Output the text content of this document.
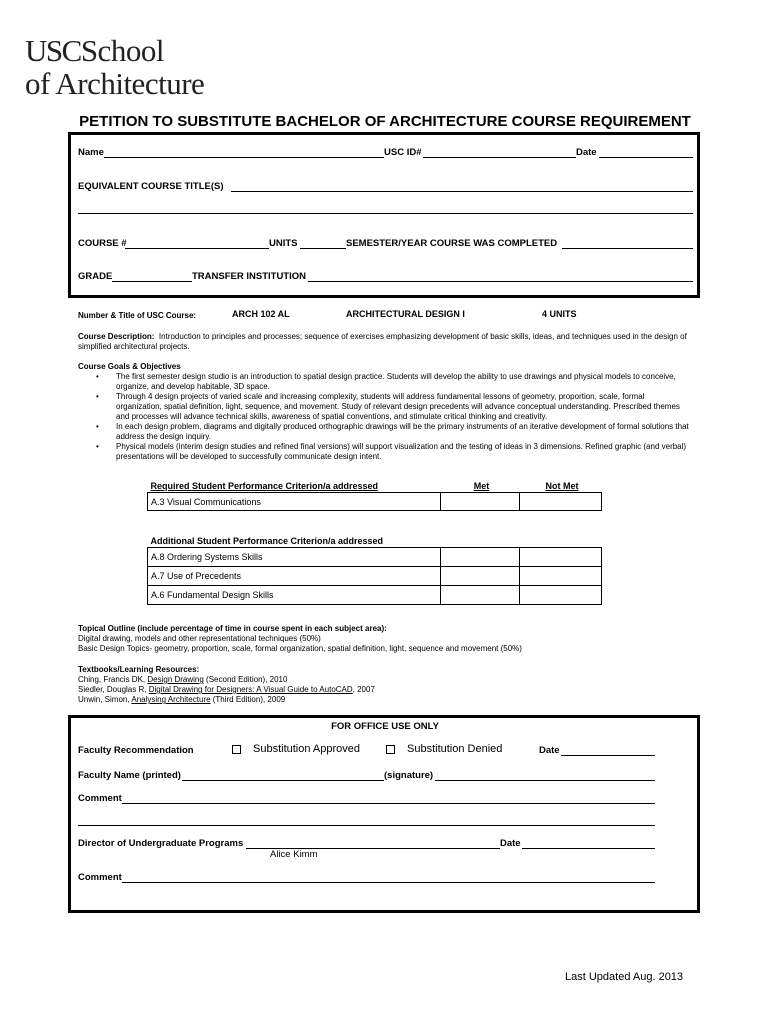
USCSchool
of Architecture
PETITION TO SUBSTITUTE BACHELOR OF ARCHITECTURE COURSE REQUIREMENT
Name	USC ID#	Date
EQUIVALENT COURSE TITLE(S)
COURSE #	UNITS	SEMESTER/YEAR COURSE WAS COMPLETED
GRADE	TRANSFER INSTITUTION
Number & Title of USC Course:	ARCH 102 AL	ARCHITECTURAL DESIGN I	4 UNITS
Course Description: Introduction to principles and processes; sequence of exercises emphasizing development of basic skills, ideas, and techniques used in the design of simplified architectural projects.
Course Goals & Objectives
• The first semester design studio is an introduction to spatial design practice. Students will develop the ability to use drawings and physical models to conceive, organize, and develop habitable, 3D space.
• Through 4 design projects of varied scale and increasing complexity, students will address fundamental lessons of geometry, proportion, scale, formal organization, spatial definition, light, sequence, and movement. Study of relevant design precedents will advance conceptual understanding. Prescribed themes and processes will advance technical skills, awareness of spatial conventions, and stimulate critical thinking and creativity.
• In each design problem, diagrams and digitally produced orthographic drawings will be the primary instruments of an iterative development of formal solutions that address the design inquiry.
• Physical models (interim design studies and refined final versions) will support visualization and the testing of ideas in 3 dimensions. Refined graphic (and verbal) presentations will be developed to successfully communicate design intent.
Required Student Performance Criterion/a addressed	Met	Not Met
A.3 Visual Communications		
Additional Student Performance Criterion/a addressed		
A.8 Ordering Systems Skills		
A.7 Use of Precedents		
A.6 Fundamental Design Skills		
Topical Outline (include percentage of time in course spent in each subject area):
Digital drawing, models and other representational techniques (50%)
Basic Design Topics- geometry, proportion, scale, formal organization, spatial definition, light, sequence and movement (50%)
Textbooks/Learning Resources:
Ching, Francis DK, Design Drawing (Second Edition), 2010
Siedler, Douglas R, Digital Drawing for Designers: A Visual Guide to AutoCAD, 2007
Unwin, Simon, Analysing Architecture (Third Edition), 2009
FOR OFFICE USE ONLY
Faculty Recommendation	Substitution Approved	Substitution Denied	Date
Faculty Name (printed)	(signature)
Comment
Director of Undergraduate Programs	Date
Alice Kimm
Comment
Last Updated Aug. 2013
